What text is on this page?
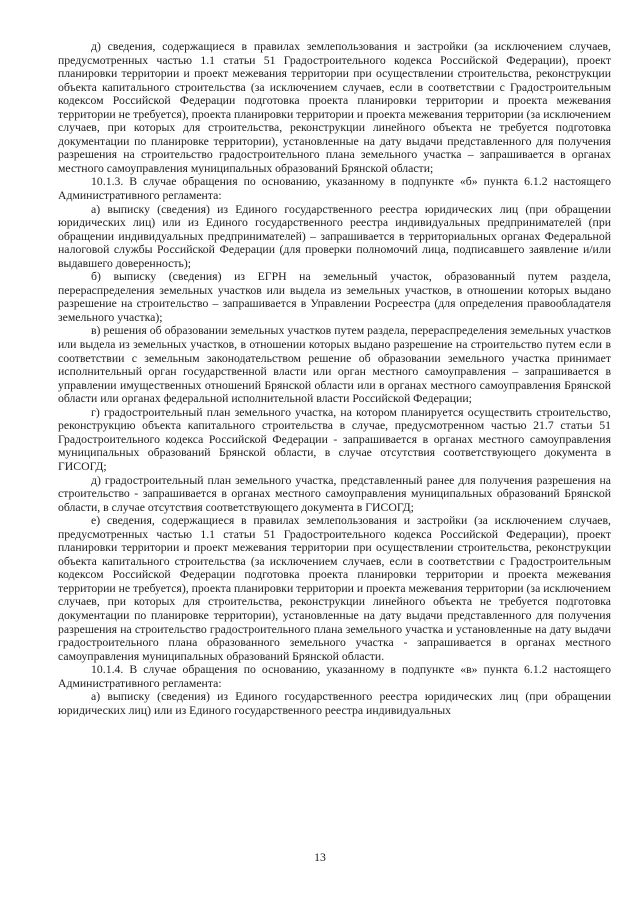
д) сведения, содержащиеся в правилах землепользования и застройки (за исключением случаев, предусмотренных частью 1.1 статьи 51 Градостроительного кодекса Российской Федерации), проект планировки территории и проект межевания территории при осуществлении строительства, реконструкции объекта капитального строительства (за исключением случаев, если в соответствии с Градостроительным кодексом Российской Федерации подготовка проекта планировки территории и проекта межевания территории не требуется), проекта планировки территории и проекта межевания территории (за исключением случаев, при которых для строительства, реконструкции линейного объекта не требуется подготовка документации по планировке территории), установленные на дату выдачи представленного для получения разрешения на строительство градостроительного плана земельного участка – запрашивается в органах местного самоуправления муниципальных образований Брянской области;

10.1.3. В случае обращения по основанию, указанному в подпункте «б» пункта 6.1.2 настоящего Административного регламента:

а) выписку (сведения) из Единого государственного реестра юридических лиц (при обращении юридических лиц) или из Единого государственного реестра индивидуальных предпринимателей (при обращении индивидуальных предпринимателей) – запрашивается в территориальных органах Федеральной налоговой службы Российской Федерации (для проверки полномочий лица, подписавшего заявление и/или выдавшего доверенность);

б) выписку (сведения) из ЕГРН на земельный участок, образованный путем раздела, перераспределения земельных участков или выдела из земельных участков, в отношении которых выдано разрешение на строительство – запрашивается в Управлении Росреестра (для определения правообладателя земельного участка);

в) решения об образовании земельных участков путем раздела, перераспределения земельных участков или выдела из земельных участков, в отношении которых выдано разрешение на строительство путем если в соответствии с земельным законодательством решение об образовании земельного участка принимает исполнительный орган государственной власти или орган местного самоуправления – запрашивается в управлении имущественных отношений Брянской области или в органах местного самоуправления Брянской области или органах федеральной исполнительной власти Российской Федерации;

г) градостроительный план земельного участка, на котором планируется осуществить строительство, реконструкцию объекта капитального строительства в случае, предусмотренном частью 21.7 статьи 51 Градостроительного кодекса Российской Федерации - запрашивается в органах местного самоуправления муниципальных образований Брянской области, в случае отсутствия соответствующего документа в ГИСОГД;

д) градостроительный план земельного участка, представленный ранее для получения разрешения на строительство - запрашивается в органах местного самоуправления муниципальных образований Брянской области, в случае отсутствия соответствующего документа в ГИСОГД;

е) сведения, содержащиеся в правилах землепользования и застройки (за исключением случаев, предусмотренных частью 1.1 статьи 51 Градостроительного кодекса Российской Федерации), проект планировки территории и проект межевания территории при осуществлении строительства, реконструкции объекта капитального строительства (за исключением случаев, если в соответствии с Градостроительным кодексом Российской Федерации подготовка проекта планировки территории и проекта межевания территории не требуется), проекта планировки территории и проекта межевания территории (за исключением случаев, при которых для строительства, реконструкции линейного объекта не требуется подготовка документации по планировке территории), установленные на дату выдачи представленного для получения разрешения на строительство градостроительного плана земельного участка и установленные на дату выдачи градостроительного плана образованного земельного участка - запрашивается в органах местного самоуправления муниципальных образований Брянской области.

10.1.4. В случае обращения по основанию, указанному в подпункте «в» пункта 6.1.2 настоящего Административного регламента:

а) выписку (сведения) из Единого государственного реестра юридических лиц (при обращении юридических лиц) или из Единого государственного реестра индивидуальных

13
